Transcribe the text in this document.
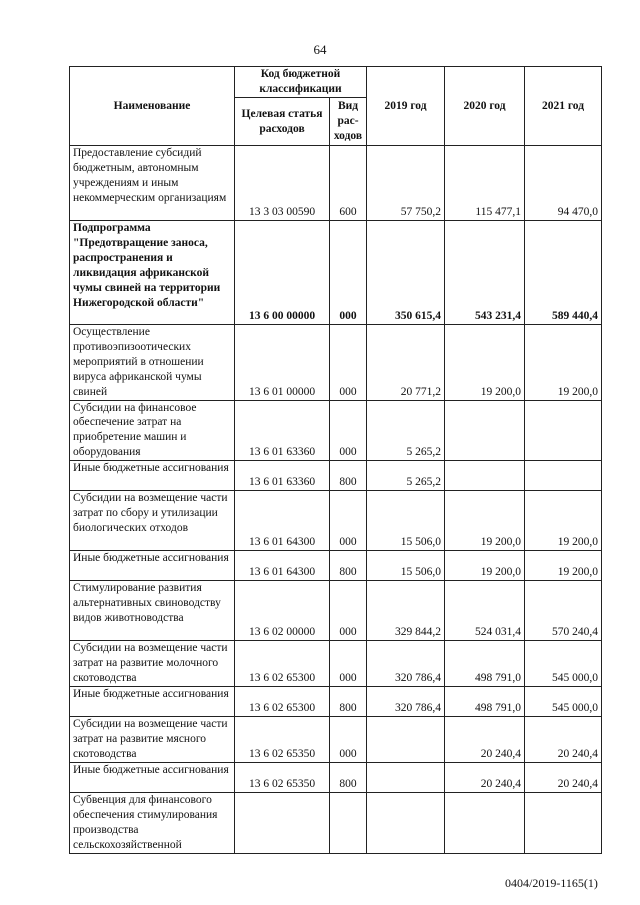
64
Наименование	Код бюджетной классификации		2019 год	2020 год	2021 год
	Целевая статья расходов	Вид рас-ходов			
Предоставление субсидий бюджетным, автономным учреждениям и иным некоммерческим организациям	13 3 03 00590	600	57 750,2	115 477,1	94 470,0
Подпрограмма "Предотвращение заноса, распространения и ликвидация африканской чумы свиней на территории Нижегородской области"	13 6 00 00000	000	350 615,4	543 231,4	589 440,4
Осуществление противоэпизоотических мероприятий в отношении вируса африканской чумы свиней	13 6 01 00000	000	20 771,2	19 200,0	19 200,0
Субсидии на финансовое обеспечение затрат на приобретение машин и оборудования	13 6 01 63360	000	5 265,2		
Иные бюджетные ассигнования	13 6 01 63360	800	5 265,2		
Субсидии на возмещение части затрат по сбору и утилизации биологических отходов	13 6 01 64300	000	15 506,0	19 200,0	19 200,0
Иные бюджетные ассигнования	13 6 01 64300	800	15 506,0	19 200,0	19 200,0
Стимулирование развития альтернативных свиноводству видов животноводства	13 6 02 00000	000	329 844,2	524 031,4	570 240,4
Субсидии на возмещение части затрат на развитие молочного скотоводства	13 6 02 65300	000	320 786,4	498 791,0	545 000,0
Иные бюджетные ассигнования	13 6 02 65300	800	320 786,4	498 791,0	545 000,0
Субсидии на возмещение части затрат на развитие мясного скотоводства	13 6 02 65350	000		20 240,4	20 240,4
Иные бюджетные ассигнования	13 6 02 65350	800		20 240,4	20 240,4
Субвенция для финансового обеспечения стимулирования производства сельскохозяйственной					
0404/2019-1165(1)
